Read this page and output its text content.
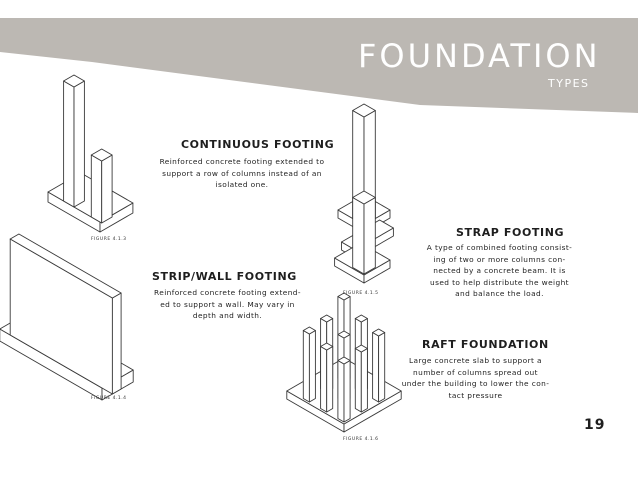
FOUNDATION
TYPES
CONTINUOUS FOOTING
Reinforced concrete footing extended to
support a row of columns instead of an
isolated one.
FIGURE 4.1.3
STRIP/WALL FOOTING
Reinforced concrete footing extend-
ed to support a wall. May vary in
depth and width.
FIGURE 4.1.4
STRAP FOOTING
A type of combined footing consist-
ing of two or more columns con-
nected by a concrete beam. It is
used to help distribute the weight
and balance the load.
FIGURE 4.1.5
RAFT FOUNDATION
Large concrete slab to support a
number of columns spread out
under the building to lower the con-
tact pressure
FIGURE 4.1.6
19
